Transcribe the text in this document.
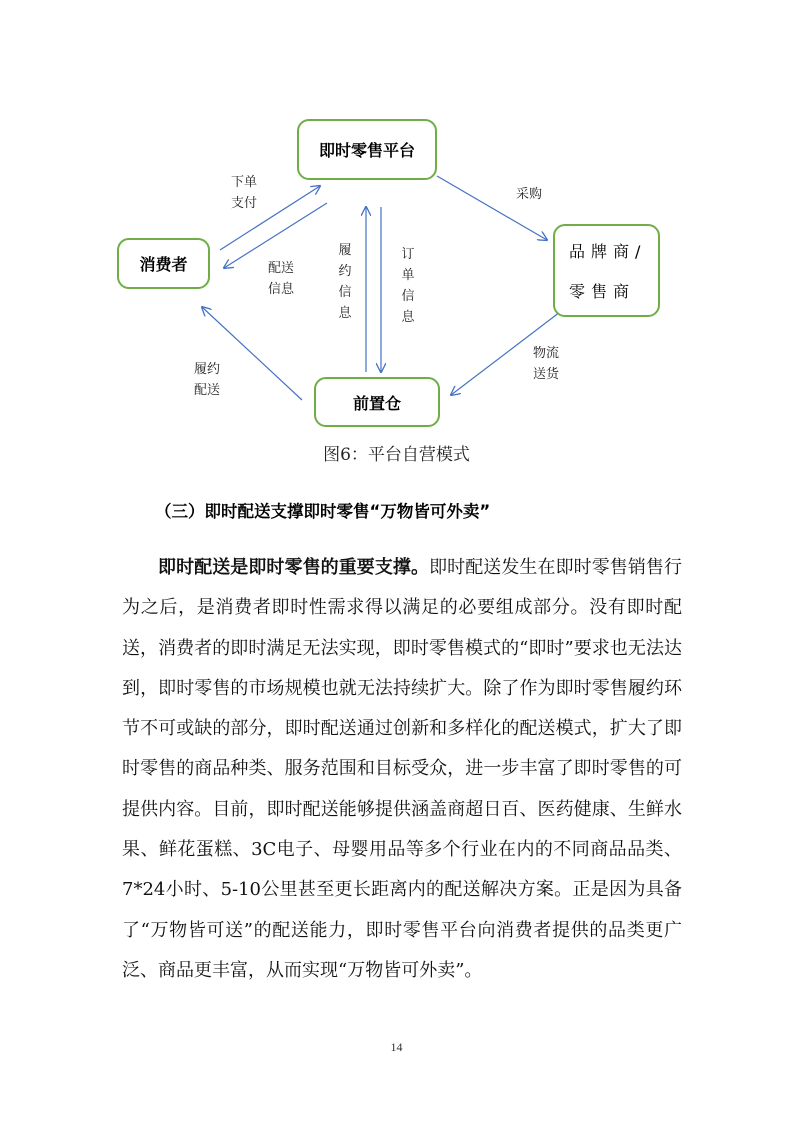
即时零售平台
消费者
品牌商/零售商
前置仓
下单支付
配送信息
履约信息
订单信息
采购
物流送货
履约配送
图6：平台自营模式
（三）即时配送支撑即时零售“万物皆可外卖”

即时配送是即时零售的重要支撑。即时配送发生在即时零售销售行为之后，是消费者即时性需求得以满足的必要组成部分。没有即时配送，消费者的即时满足无法实现，即时零售模式的“即时”要求也无法达到，即时零售的市场规模也就无法持续扩大。除了作为即时零售履约环节不可或缺的部分，即时配送通过创新和多样化的配送模式，扩大了即时零售的商品种类、服务范围和目标受众，进一步丰富了即时零售的可提供内容。目前，即时配送能够提供涵盖商超日百、医药健康、生鲜水果、鲜花蛋糕、3C电子、母婴用品等多个行业在内的不同商品品类、7*24小时、5-10公里甚至更长距离内的配送解决方案。正是因为具备了“万物皆可送”的配送能力，即时零售平台向消费者提供的品类更广泛、商品更丰富，从而实现“万物皆可外卖”。

14
